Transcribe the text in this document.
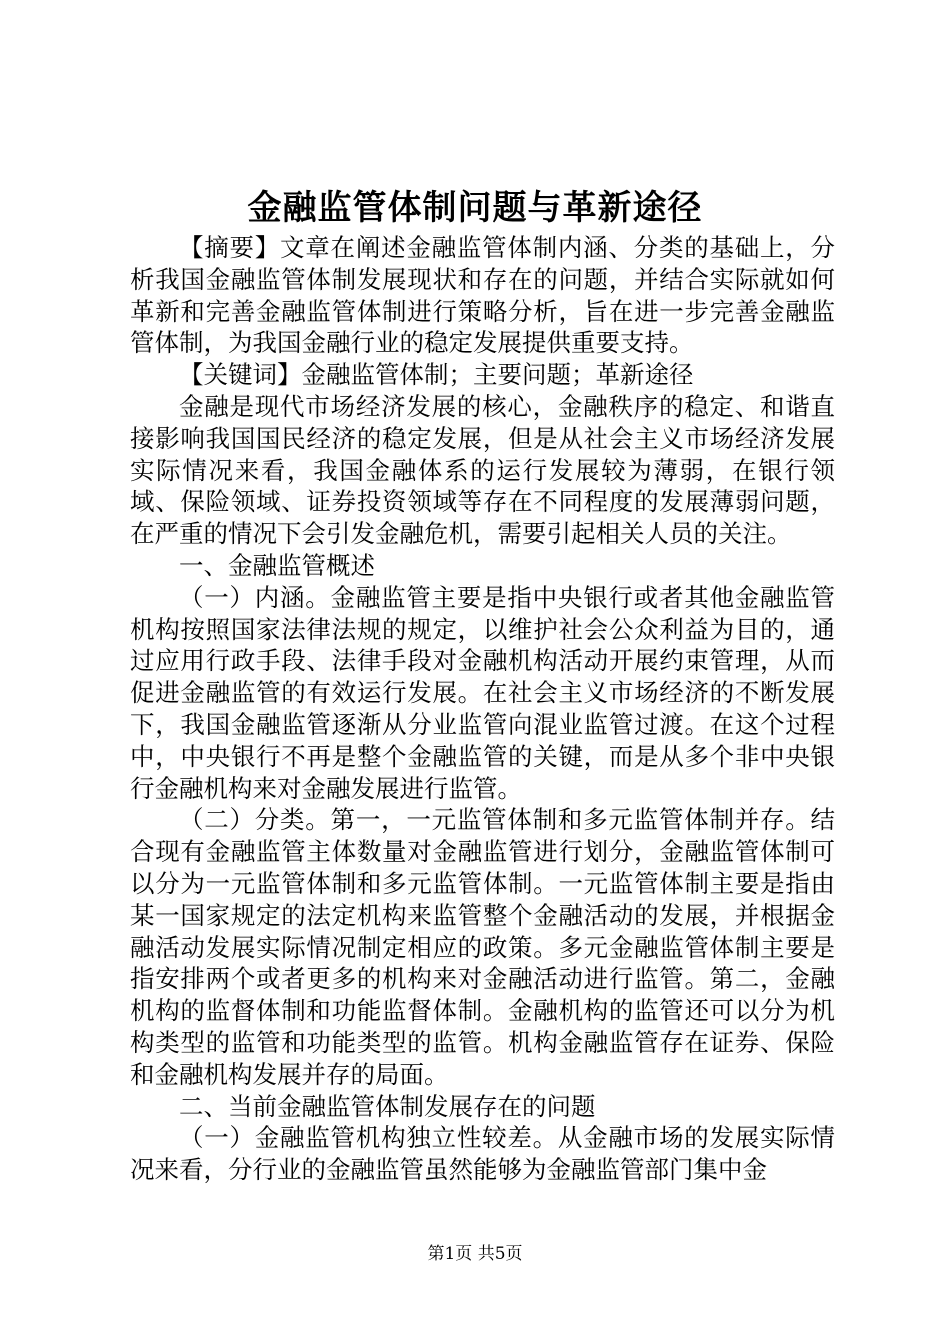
金融监管体制问题与革新途径

【摘要】文章在阐述金融监管体制内涵、分类的基础上，分析我国金融监管体制发展现状和存在的问题，并结合实际就如何革新和完善金融监管体制进行策略分析，旨在进一步完善金融监管体制，为我国金融行业的稳定发展提供重要支持。

【关键词】金融监管体制；主要问题；革新途径

金融是现代市场经济发展的核心，金融秩序的稳定、和谐直接影响我国国民经济的稳定发展，但是从社会主义市场经济发展实际情况来看，我国金融体系的运行发展较为薄弱，在银行领域、保险领域、证券投资领域等存在不同程度的发展薄弱问题，在严重的情况下会引发金融危机，需要引起相关人员的关注。

一、金融监管概述

（一）内涵。金融监管主要是指中央银行或者其他金融监管机构按照国家法律法规的规定，以维护社会公众利益为目的，通过应用行政手段、法律手段对金融机构活动开展约束管理，从而促进金融监管的有效运行发展。在社会主义市场经济的不断发展下，我国金融监管逐渐从分业监管向混业监管过渡。在这个过程中，中央银行不再是整个金融监管的关键，而是从多个非中央银行金融机构来对金融发展进行监管。

（二）分类。第一，一元监管体制和多元监管体制并存。结合现有金融监管主体数量对金融监管进行划分，金融监管体制可以分为一元监管体制和多元监管体制。一元监管体制主要是指由某一国家规定的法定机构来监管整个金融活动的发展，并根据金融活动发展实际情况制定相应的政策。多元金融监管体制主要是指安排两个或者更多的机构来对金融活动进行监管。第二，金融机构的监督体制和功能监督体制。金融机构的监管还可以分为机构类型的监管和功能类型的监管。机构金融监管存在证券、保险和金融机构发展并存的局面。

二、当前金融监管体制发展存在的问题

（一）金融监管机构独立性较差。从金融市场的发展实际情况来看，分行业的金融监管虽然能够为金融监管部门集中金

第1页 共5页
